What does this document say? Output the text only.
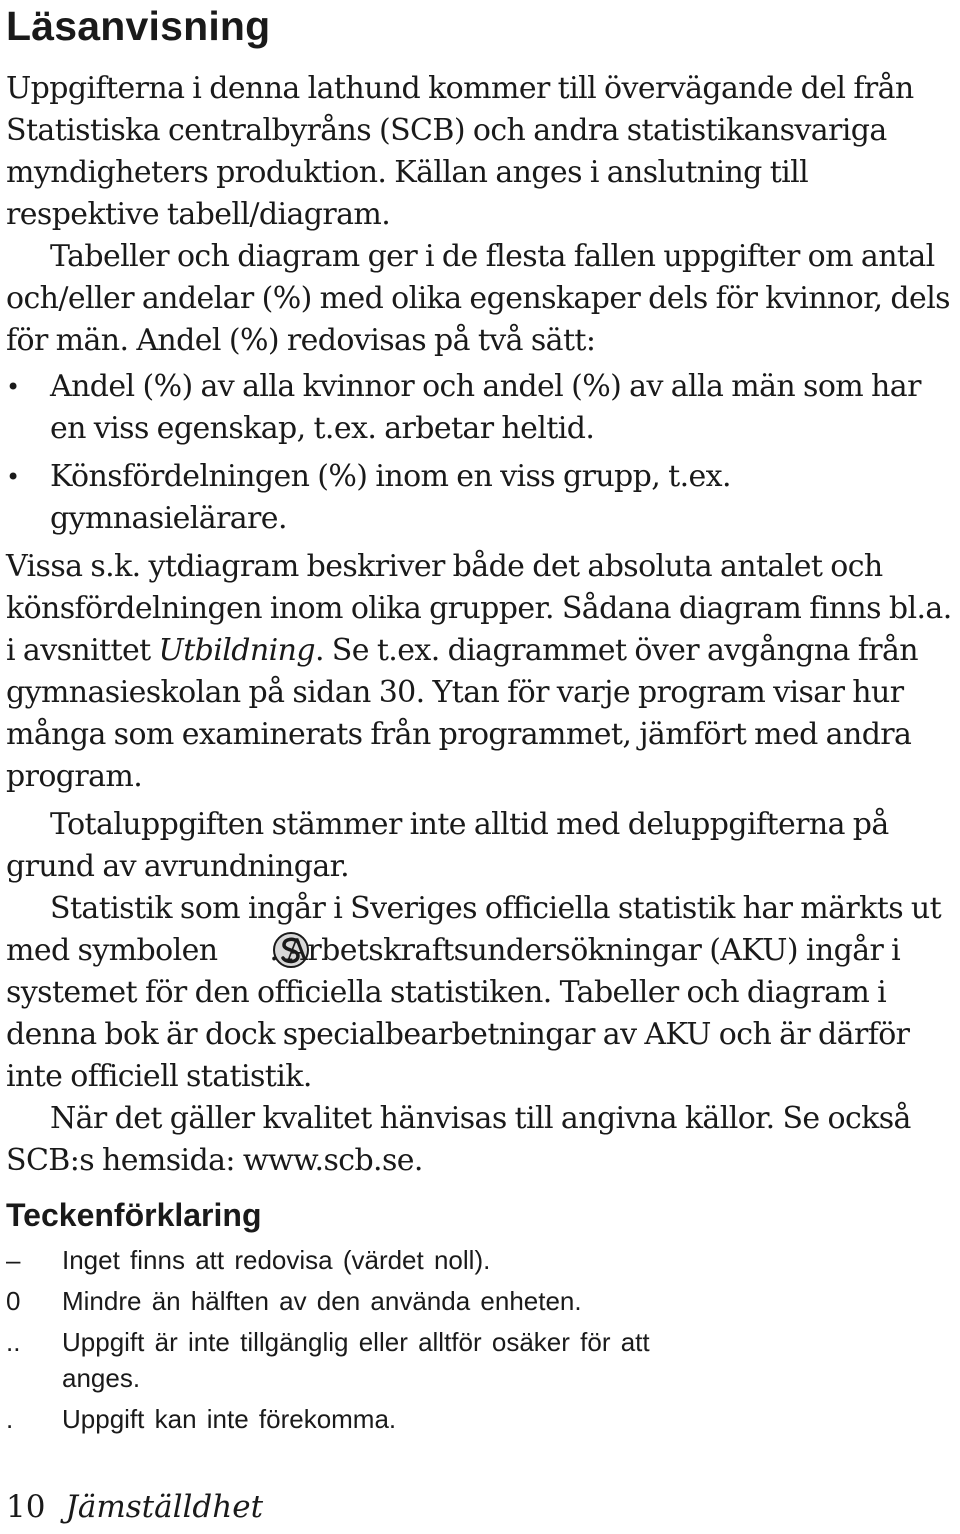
Läsanvisning

Uppgifterna i denna lathund kommer till övervägande del från Statistiska centralbyråns (SCB) och andra statistikansvariga myndigheters produktion. Källan anges i anslutning till respektive tabell/diagram.

Tabeller och diagram ger i de flesta fallen uppgifter om antal och/eller andelar (%) med olika egenskaper dels för kvinnor, dels för män. Andel (%) redovisas på två sätt:

• Andel (%) av alla kvinnor och andel (%) av alla män som har en viss egenskap, t.ex. arbetar heltid.
• Könsfördelningen (%) inom en viss grupp, t.ex. gymnasielärare.

Vissa s.k. ytdiagram beskriver både det absoluta antalet och könsfördelningen inom olika grupper. Sådana diagram finns bl.a. i avsnittet Utbildning. Se t.ex. diagrammet över avgångna från gymnasieskolan på sidan 30. Ytan för varje program visar hur många som examinerats från programmet, jämfört med andra program.

Totaluppgiften stämmer inte alltid med deluppgifterna på grund av avrundningar.

Statistik som ingår i Sveriges officiella statistik har märkts ut med symbolen . Arbetskraftsundersökningar (AKU) ingår i systemet för den officiella statistiken. Tabeller och diagram i denna bok är dock specialbearbetningar av AKU och är därför inte officiell statistik.

När det gäller kvalitet hänvisas till angivna källor. Se också SCB:s hemsida: www.scb.se.

Teckenförklaring
– Inget finns att redovisa (värdet noll).
0 Mindre än hälften av den använda enheten.
.. Uppgift är inte tillgänglig eller alltför osäker för att anges.
. Uppgift kan inte förekomma.
10 Jämställdhet
